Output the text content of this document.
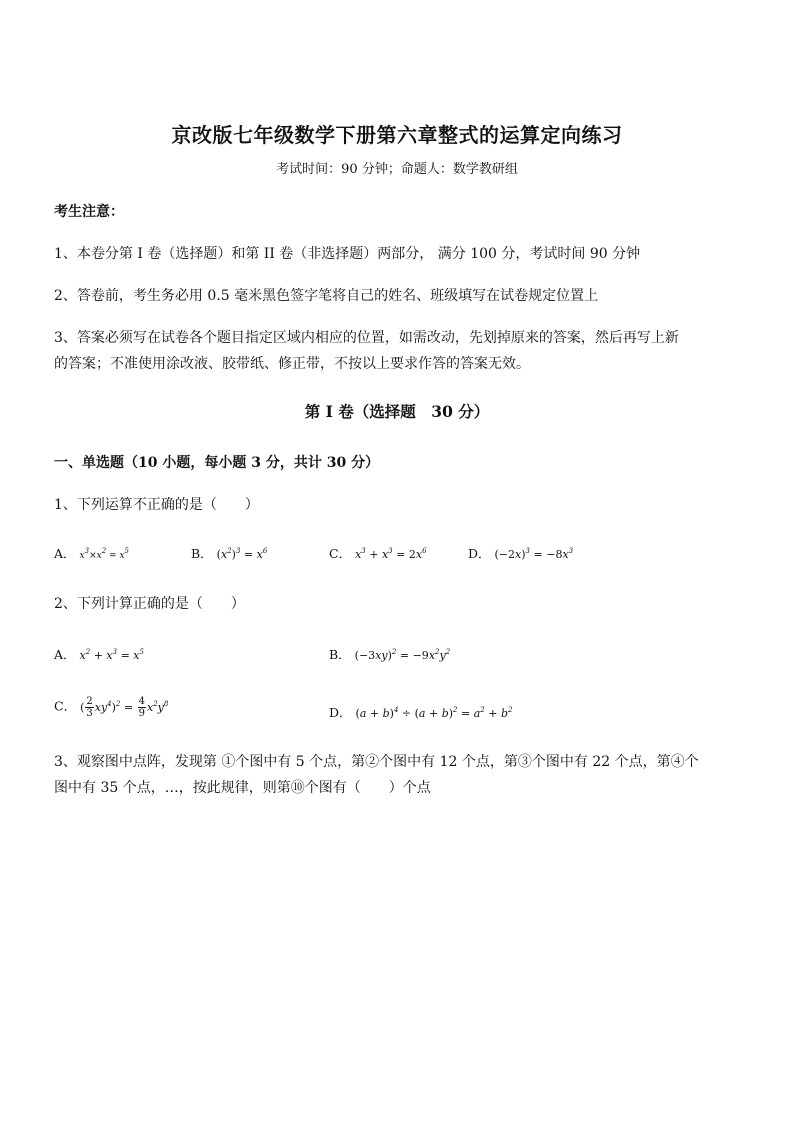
京改版七年级数学下册第六章整式的运算定向练习
考试时间：90 分钟；命题人：数学教研组
考生注意：
1、本卷分第 I 卷（选择题）和第 II 卷（非选择题）两部分， 满分 100 分，考试时间 90 分钟
2、答卷前，考生务必用 0.5 毫米黑色签字笔将自己的姓名、班级填写在试卷规定位置上
3、答案必须写在试卷各个题目指定区域内相应的位置，如需改动，先划掉原来的答案，然后再写上新
的答案；不准使用涂改液、胶带纸、修正带，不按以上要求作答的答案无效。
第 I 卷（选择题　30 分）
一、单选题（10 小题，每小题 3 分，共计 30 分）
1、下列运算不正确的是（　　）
A． $x^3\times x^2 = x^5$	B． $(x^2)^3 = x^6$	C． $x^3 + x^3 = 2x^6$	D． $(-2x)^3 = -8x^3$
2、下列计算正确的是（　　）
A． $x^2 + x^3 = x^5$	B． $(-3xy)^2 = -9x^2y^2$
C． ( $\frac{2}{3} xy^4)^2 = \frac{4}{9} x^2y^8$
D． $(a + b)^4 \div (a + b)^2 = a^2 + b^2$
3、观察图中点阵，发现第 ①个图中有 5 个点，第②个图中有 12 个点，第③个图中有 22 个点，第④个
图中有 35 个点，…，按此规律，则第⑩个图有（　　）个点
